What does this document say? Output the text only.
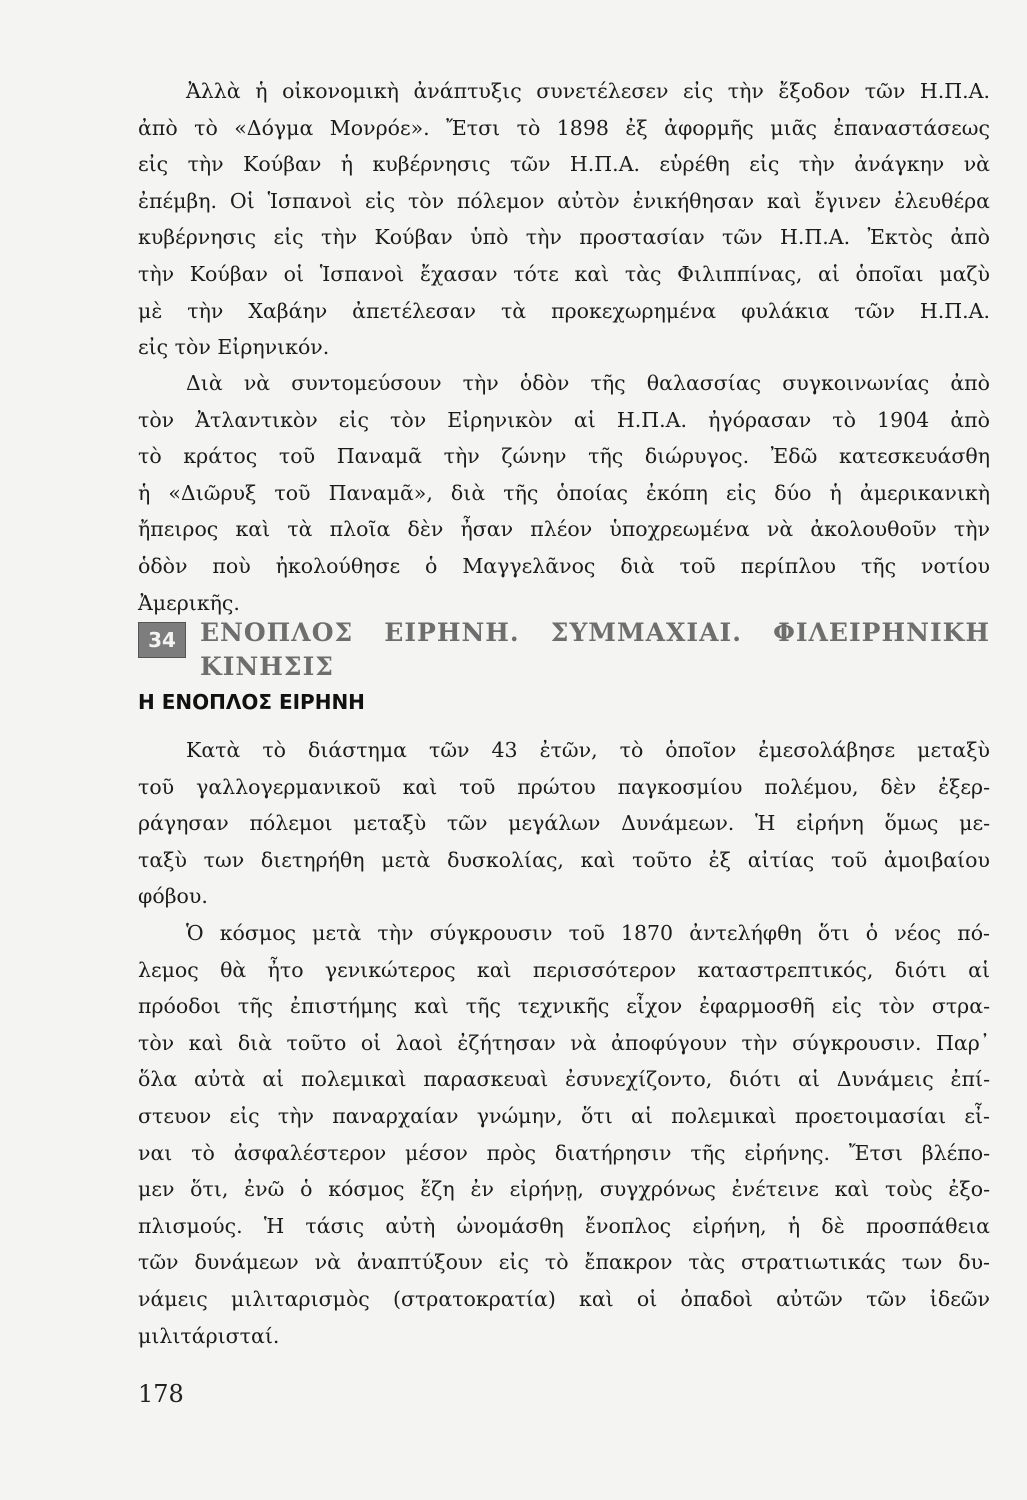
Ἀλλὰ ἡ οἰκονομικὴ ἀνάπτυξις συνετέλεσεν εἰς τὴν ἔξοδον τῶν Η.Π.Α.
ἀπὸ τὸ «Δόγμα Μονρόε». Ἔτσι τὸ 1898 ἐξ ἀφορμῆς μιᾶς ἐπαναστάσεως
εἰς τὴν Κούβαν ἡ κυβέρνησις τῶν Η.Π.Α. εὑρέθη εἰς τὴν ἀνάγκην νὰ
ἐπέμβη. Οἱ Ἱσπανοὶ εἰς τὸν πόλεμον αὐτὸν ἐνικήθησαν καὶ ἔγινεν ἐλευθέρα
κυβέρνησις εἰς τὴν Κούβαν ὑπὸ τὴν προστασίαν τῶν Η.Π.Α. Ἐκτὸς ἀπὸ
τὴν Κούβαν οἱ Ἱσπανοὶ ἔχασαν τότε καὶ τὰς Φιλιππίνας, αἱ ὁποῖαι μαζὺ
μὲ τὴν Χαβάην ἀπετέλεσαν τὰ προκεχωρημένα φυλάκια τῶν Η.Π.Α.
εἰς τὸν Εἰρηνικόν.
Διὰ νὰ συντομεύσουν τὴν ὁδὸν τῆς θαλασσίας συγκοινωνίας ἀπὸ
τὸν Ἀτλαντικὸν εἰς τὸν Εἰρηνικὸν αἱ Η.Π.Α. ἠγόρασαν τὸ 1904 ἀπὸ
τὸ κράτος τοῦ Παναμᾶ τὴν ζώνην τῆς διώρυγος. Ἐδῶ κατεσκευάσθη
ἡ «Διῶρυξ τοῦ Παναμᾶ», διὰ τῆς ὁποίας ἐκόπη εἰς δύο ἡ ἀμερικανικὴ
ἤπειρος καὶ τὰ πλοῖα δὲν ἦσαν πλέον ὑποχρεωμένα νὰ ἀκολουθοῦν τὴν
ὁδὸν ποὺ ἠκολούθησε ὁ Μαγγελᾶνος διὰ τοῦ περίπλου τῆς νοτίου
Ἀμερικῆς.
34 ΕΝΟΠΛΟΣ ΕΙΡΗΝΗ. ΣΥΜΜΑΧΙΑΙ. ΦΙΛΕΙΡΗΝΙΚΗ
ΚΙΝΗΣΙΣ
Η ΕΝΟΠΛΟΣ ΕΙΡΗΝΗ
Κατὰ τὸ διάστημα τῶν 43 ἐτῶν, τὸ ὁποῖον ἐμεσολάβησε μεταξὺ
τοῦ γαλλογερμανικοῦ καὶ τοῦ πρώτου παγκοσμίου πολέμου, δὲν ἐξερ-
ράγησαν πόλεμοι μεταξὺ τῶν μεγάλων Δυνάμεων. Ἡ εἰρήνη ὅμως με-
ταξὺ των διετηρήθη μετὰ δυσκολίας, καὶ τοῦτο ἐξ αἰτίας τοῦ ἀμοιβαίου
φόβου.
Ὁ κόσμος μετὰ τὴν σύγκρουσιν τοῦ 1870 ἀντελήφθη ὅτι ὁ νέος πό-
λεμος θὰ ἦτο γενικώτερος καὶ περισσότερον καταστρεπτικός, διότι αἱ
πρόοδοι τῆς ἐπιστήμης καὶ τῆς τεχνικῆς εἶχον ἐφαρμοσθῆ εἰς τὸν στρα-
τὸν καὶ διὰ τοῦτο οἱ λαοὶ ἐζήτησαν νὰ ἀποφύγουν τὴν σύγκρουσιν. Παρ᾿
ὅλα αὐτὰ αἱ πολεμικαὶ παρασκευαὶ ἐσυνεχίζοντο, διότι αἱ Δυνάμεις ἐπί-
στευον εἰς τὴν παναρχαίαν γνώμην, ὅτι αἱ πολεμικαὶ προετοιμασίαι εἶ-
ναι τὸ ἀσφαλέστερον μέσον πρὸς διατήρησιν τῆς εἰρήνης. Ἔτσι βλέπο-
μεν ὅτι, ἐνῶ ὁ κόσμος ἔζη ἐν εἰρήνῃ, συγχρόνως ἐνέτεινε καὶ τοὺς ἐξο-
πλισμούς. Ἡ τάσις αὐτὴ ὠνομάσθη ἔνοπλος εἰρήνη, ἡ δὲ προσπάθεια
τῶν δυνάμεων νὰ ἀναπτύξουν εἰς τὸ ἔπακρον τὰς στρατιωτικάς των δυ-
νάμεις μιλιταρισμὸς (στρατοκρατία) καὶ οἱ ὀπαδοὶ αὐτῶν τῶν ἰδεῶν
μιλιτάρισταί.
178
